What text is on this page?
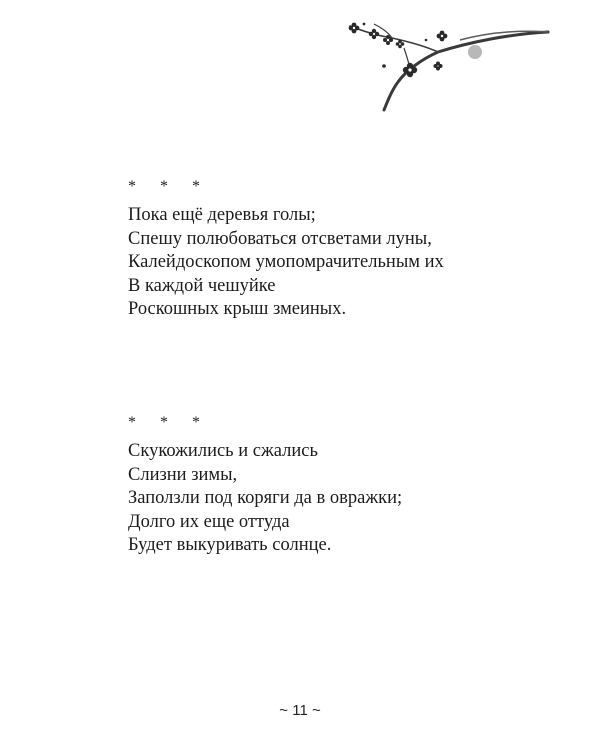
* * *
Пока ещё деревья голы;
Спешу полюбоваться отсветами луны,
Калейдоскопом умопомрачительным их
В каждой чешуйке
Роскошных крыш змеиных.
* * *
Скукожились и сжались
Слизни зимы,
Заползли под коряги да в овражки;
Долго их еще оттуда
Будет выкуривать солнце.
~ 11 ~
